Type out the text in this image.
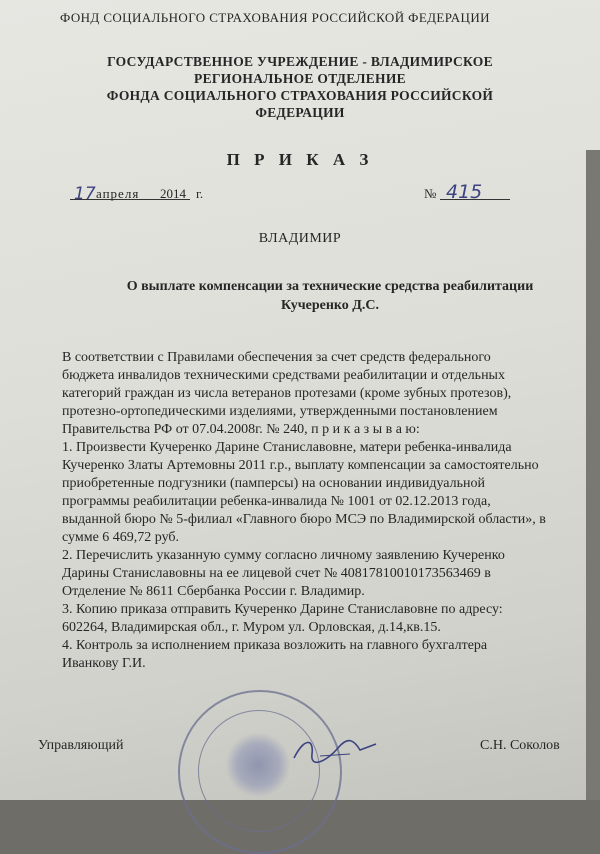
ФОНД СОЦИАЛЬНОГО СТРАХОВАНИЯ РОССИЙСКОЙ ФЕДЕРАЦИИ
ГОСУДАРСТВЕННОЕ УЧРЕЖДЕНИЕ - ВЛАДИМИРСКОЕ
РЕГИОНАЛЬНОЕ ОТДЕЛЕНИЕ
ФОНДА СОЦИАЛЬНОГО СТРАХОВАНИЯ РОССИЙСКОЙ
ФЕДЕРАЦИИ
П Р И К А З
17 апреля 2014 г.	№ 415
ВЛАДИМИР
О выплате компенсации за технические средства реабилитации
Кучеренко Д.С.
В соответствии с Правилами обеспечения за счет средств федерального
бюджета инвалидов техническими средствами реабилитации и отдельных
категорий граждан из числа ветеранов протезами (кроме зубных протезов),
протезно-ортопедическими изделиями, утвержденными постановлением
Правительства РФ от 07.04.2008г. № 240, п р и к а з ы в а ю:
1. Произвести Кучеренко Дарине Станиславовне, матери ребенка-инвалида
Кучеренко Златы Артемовны 2011 г.р., выплату компенсации за самостоятельно
приобретенные подгузники (памперсы) на основании индивидуальной
программы реабилитации ребенка-инвалида № 1001 от 02.12.2013 года,
выданной бюро № 5-филиал «Главного бюро МСЭ по Владимирской области», в
сумме 6 469,72 руб.
2. Перечислить указанную сумму согласно личному заявлению Кучеренко
Дарины Станиславовны на ее лицевой счет № 40817810010173563469 в
Отделение № 8611 Сбербанка России г. Владимир.
3. Копию приказа отправить Кучеренко Дарине Станиславовне по адресу:
602264, Владимирская обл., г. Муром ул. Орловская, д.14,кв.15.
4. Контроль за исполнением приказа возложить на главного бухгалтера
Иванкову Г.И.
Управляющий	С.Н. Соколов
